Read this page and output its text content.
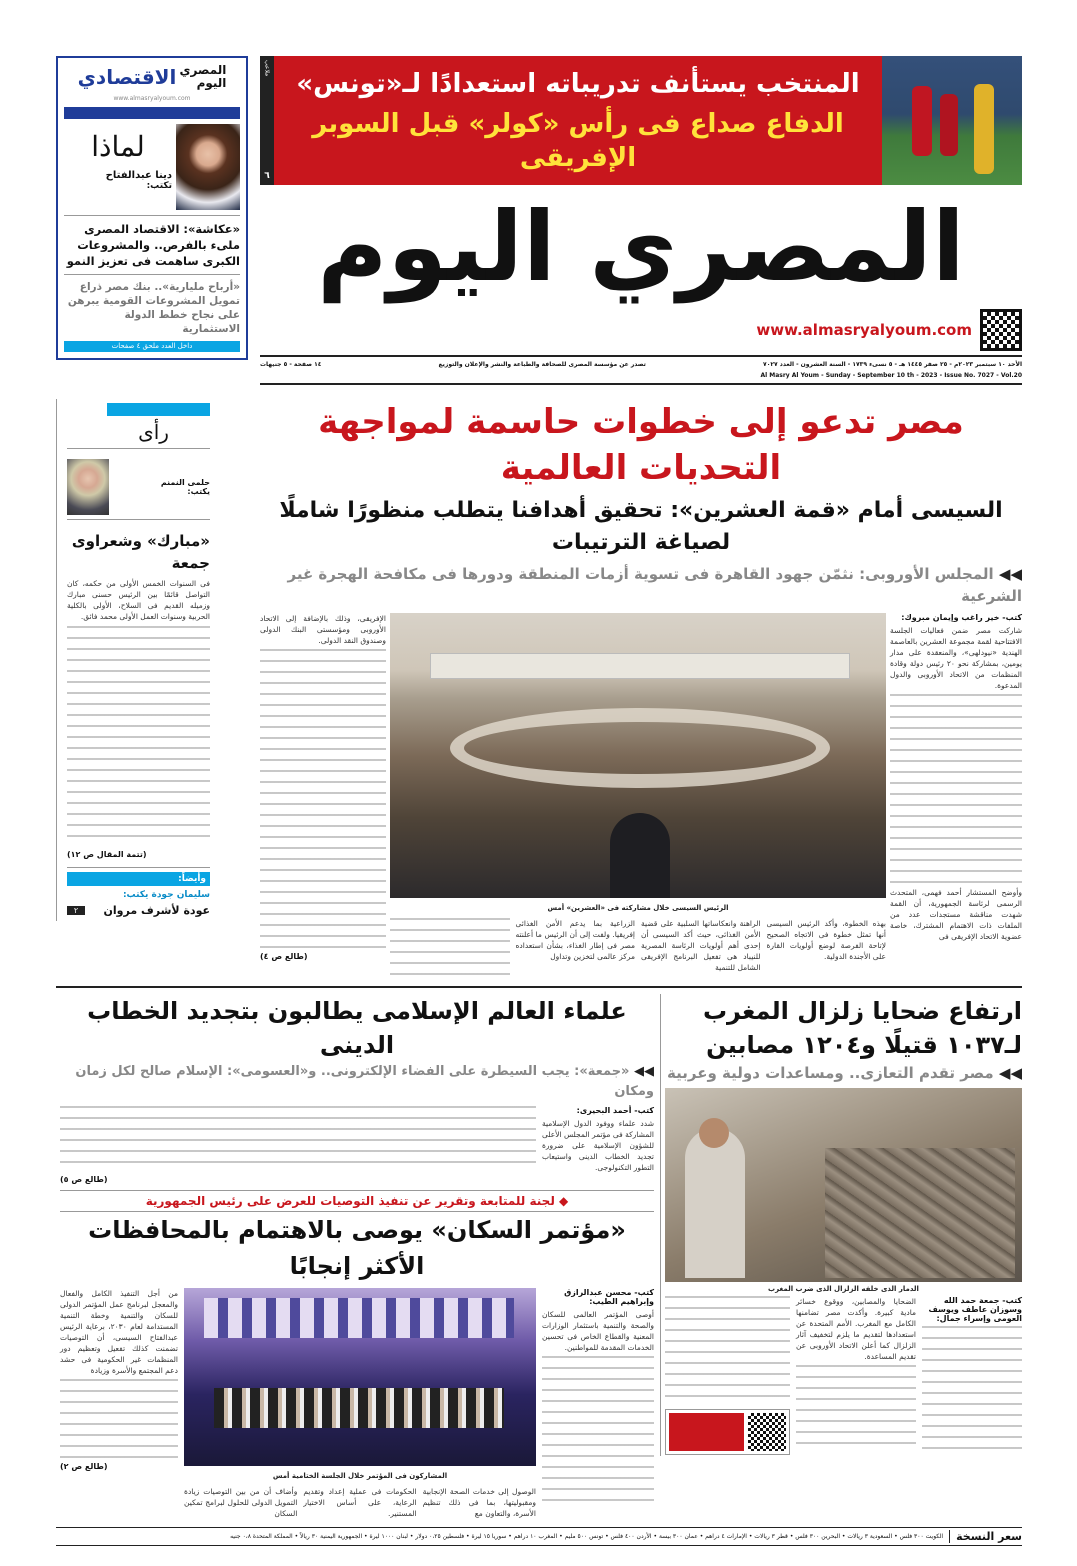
المنتخب يستأنف تدريباته استعدادًا لـ«تونس»
الدفاع صداع فى رأس «كولر» قبل السوبر الإفريقى
ملاعب
٦
المصري اليوم
www.almasryalyoum.com
الأحد ١٠ سبتمبر ٢٠٢٣م - ٢٥ صفر ١٤٤٥ هـ - ٥ نسىء ١٧٣٩ - السنة العشرون - العدد ٧٠٢٧
تصدر عن مؤسسة المصرى للصحافة والطباعة والنشر والإعلان والتوزيع
١٤ صفحة - ٥ جنيهات
Al Masry Al Youm - Sunday - September 10 th - 2023 - Issue No. 7027 - Vol.20
المصري اليوم
الاقتصادي
www.almasryalyoum.com
لماذا
دينا عبدالفتاح
تكتب:
«عكاشة»: الاقتصاد المصرى ملىء بالفرص.. والمشروعات الكبرى ساهمت فى تعزيز النمو
«أرباح مليارية».. بنك مصر ذراع تمويل المشروعات القومية يبرهن على نجاح خطط الدولة الاستثمارية
داخل العدد ملحق ٤ صفحات
مصر تدعو إلى خطوات حاسمة لمواجهة التحديات العالمية
السيسى أمام «قمة العشرين»: تحقيق أهدافنا يتطلب منظورًا شاملًا لصياغة الترتيبات
◀◀ المجلس الأوروبى: نثمّن جهود القاهرة فى تسوية أزمات المنطقة ودورها فى مكافحة الهجرة غير الشرعية
كتب- خير راغب وإيمان مبروك:
شاركت مصر ضمن فعاليات الجلسة الافتتاحية لقمة مجموعة العشرين بالعاصمة الهندية «نيودلهى»، والمنعقدة على مدار يومين، بمشاركة نحو ٢٠ رئيس دولة وقادة المنظمات من الاتحاد الأوروبى والدول المدعوة.
وأوضح المستشار أحمد فهمى، المتحدث الرسمى لرئاسة الجمهورية، أن القمة شهدت مناقشة مستجدات عدد من الملفات ذات الاهتمام المشترك، خاصة عضوية الاتحاد الإفريقى فى
الرئيس السيسى خلال مشاركته فى «العشرين» أمس
بهذه الخطوة، وأكد الرئيس السيسى أنها تمثل خطوة فى الاتجاه الصحيح لإتاحة الفرصة لوضع أولويات القارة على الأجندة الدولية.
الراهنة وانعكاساتها السلبية على قضية الأمن الغذائى، حيث أكد السيسى أن إحدى أهم أولويات الرئاسة المصرية للنيباد هى تفعيل البرنامج الإفريقى الشامل للتنمية
الزراعية بما يدعم الأمن الغذائى إفريقيا. ولفت إلى أن الرئيس ما أعلنته مصر فى إطار الغذاء، بشأن استعداده مركز عالمى لتخزين وتداول
الإفريقى، وذلك بالإضافة إلى الاتحاد الأوروبى ومؤسستى البنك الدولى وصندوق النقد الدولى.
(طالع ص ٤)
رأى
حلمى النمنم
يكتب:
«مبارك» وشعراوى جمعة
فى السنوات الخمس الأولى من حكمه، كان التواصل قائمًا بين الرئيس حسنى مبارك وزميله القديم فى السلاح، الأولى بالكلية الحربية وسنوات العمل الأولى محمد فائق.
(تتمة المقال ص ١٢)
وأيضاً:
سليمان جودة يكتب:
عودة لأشرف مروان
٢
ارتفاع ضحايا زلزال المغرب لـ١٠٣٧ قتيلًا و١٢٠٤ مصابين
◀◀ مصر تقدم التعازى.. ومساعدات دولية وعربية
الدمار الذى خلفه الزلزال الذى ضرب المغرب
كتب- جمعة حمد الله وسوزان عاطف ويوسف العومى وإسراء جمال:
الضحايا والمصابين، ووقوع خسائر مادية كبيرة. وأكدت مصر تضامنها الكامل مع المغرب. الأمم المتحدة عن استعدادها لتقديم ما يلزم لتخفيف آثار الزلزال كما أعلن الاتحاد الأوروبى عن تقديم المساعدة.
علماء العالم الإسلامى يطالبون بتجديد الخطاب الدينى
◀◀ «جمعة»: يجب السيطرة على الفضاء الإلكترونى.. و«العسومى»: الإسلام صالح لكل زمان ومكان
كتب- أحمد البحيرى:
شدد علماء ووفود الدول الإسلامية المشاركة فى مؤتمر المجلس الأعلى للشؤون الإسلامية على ضرورة تجديد الخطاب الدينى واستيعاب التطور التكنولوجى.
(طالع ص ٥)
◆ لجنة للمتابعة وتقرير عن تنفيذ التوصيات للعرض على رئيس الجمهورية
«مؤتمر السكان» يوصى بالاهتمام بالمحافظات الأكثر إنجابًا
كتب- محسن عبدالرازق وإبراهيم الطيب:
أوصى المؤتمر العالمى للسكان والصحة والتنمية باستثمار الوزارات المعنية والقطاع الخاص فى تحسين الخدمات المقدمة للمواطنين.
المشاركون فى المؤتمر خلال الجلسة الختامية أمس
الوصول إلى خدمات الصحة الإنجابية ومقبوليتها، بما فى ذلك تنظيم الأسرة، والتعاون مع
الحكومات فى عملية إعداد وتقديم الرعاية، على أساس الاختيار المستنير.
وأضاف أن من بين التوصيات زيادة التمويل الدولى للحلول لبرامج تمكين السكان
من أجل التنفيذ الكامل والفعال والمعجل لبرنامج عمل المؤتمر الدولى للسكان والتنمية وخطة التنمية المستدامة لعام ٢٠٣٠، برعاية الرئيس عبدالفتاح السيسى، أن التوصيات تضمنت كذلك تفعيل وتعظيم دور المنظمات غير الحكومية فى حشد دعم المجتمع والأسرة وزيادة
(طالع ص ٢)
سعر النسخة
الكويت ٣٠٠ فلس • السعودية ٣ ريالات • البحرين ٣٠٠ فلس • قطر ٣ ريالات • الإمارات ٤ دراهم • عمان ٣٠٠ بيسة • الأردن ٤٠٠ فلس • تونس ٥٠٠ مليم • المغرب ١٠ دراهم • سوريا ١٥ ليرة • فلسطين ٠،٢٥ دولار • لبنان ١٠٠٠ ليرة • الجمهورية اليمنية ٣٠ ريالاً • المملكة المتحدة ٠،٨ جنيه
